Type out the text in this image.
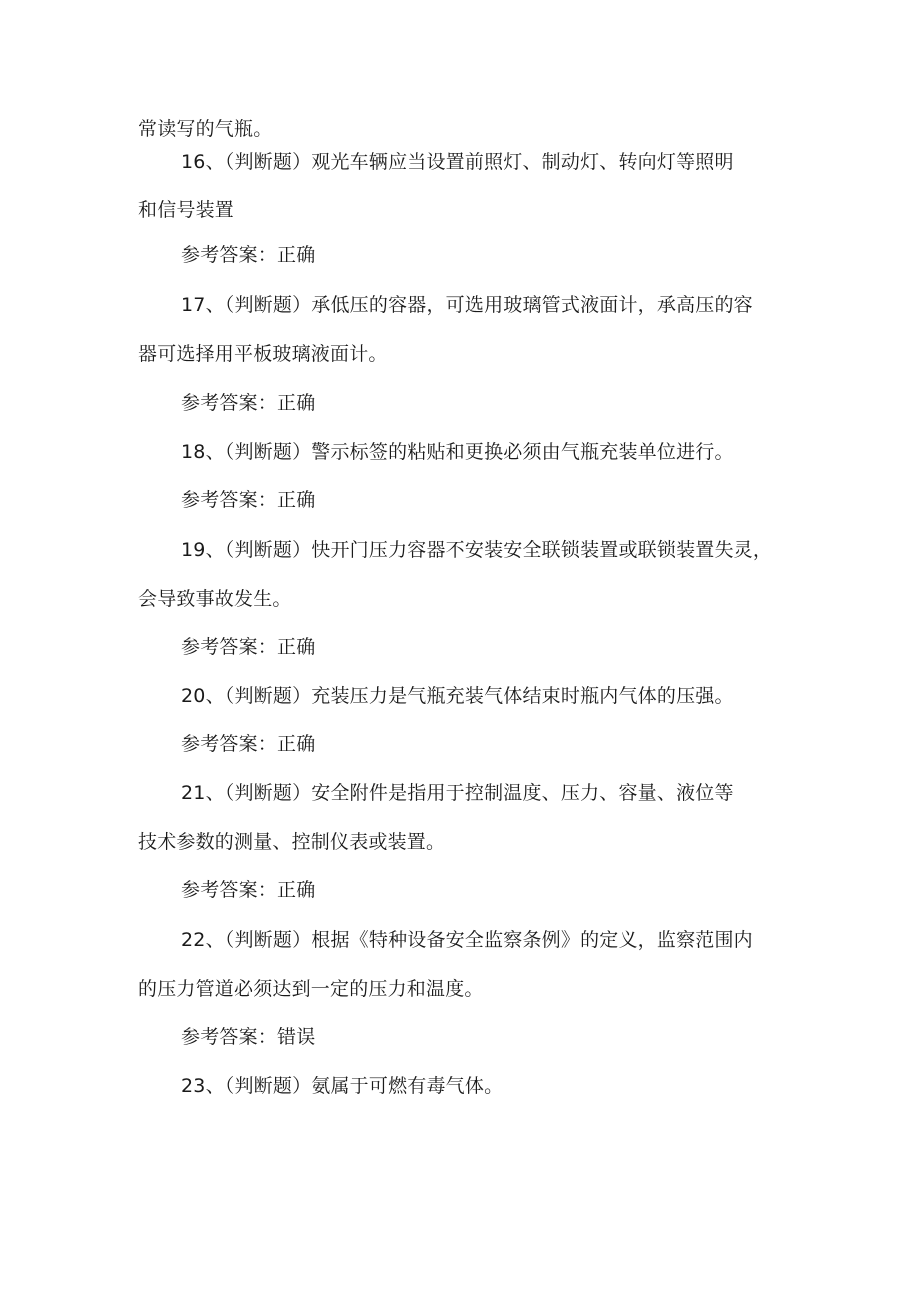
常读写的气瓶。
16、（判断题）观光车辆应当设置前照灯、制动灯、转向灯等照明
和信号装置
参考答案：正确
17、（判断题）承低压的容器，可选用玻璃管式液面计，承高压的容
器可选择用平板玻璃液面计。
参考答案：正确
18、（判断题）警示标签的粘贴和更换必须由气瓶充装单位进行。
参考答案：正确
19、（判断题）快开门压力容器不安装安全联锁装置或联锁装置失灵，
会导致事故发生。
参考答案：正确
20、（判断题）充装压力是气瓶充装气体结束时瓶内气体的压强。
参考答案：正确
21、（判断题）安全附件是指用于控制温度、压力、容量、液位等
技术参数的测量、控制仪表或装置。
参考答案：正确
22、（判断题）根据《特种设备安全监察条例》的定义，监察范围内
的压力管道必须达到一定的压力和温度。
参考答案：错误
23、（判断题）氨属于可燃有毒气体。
